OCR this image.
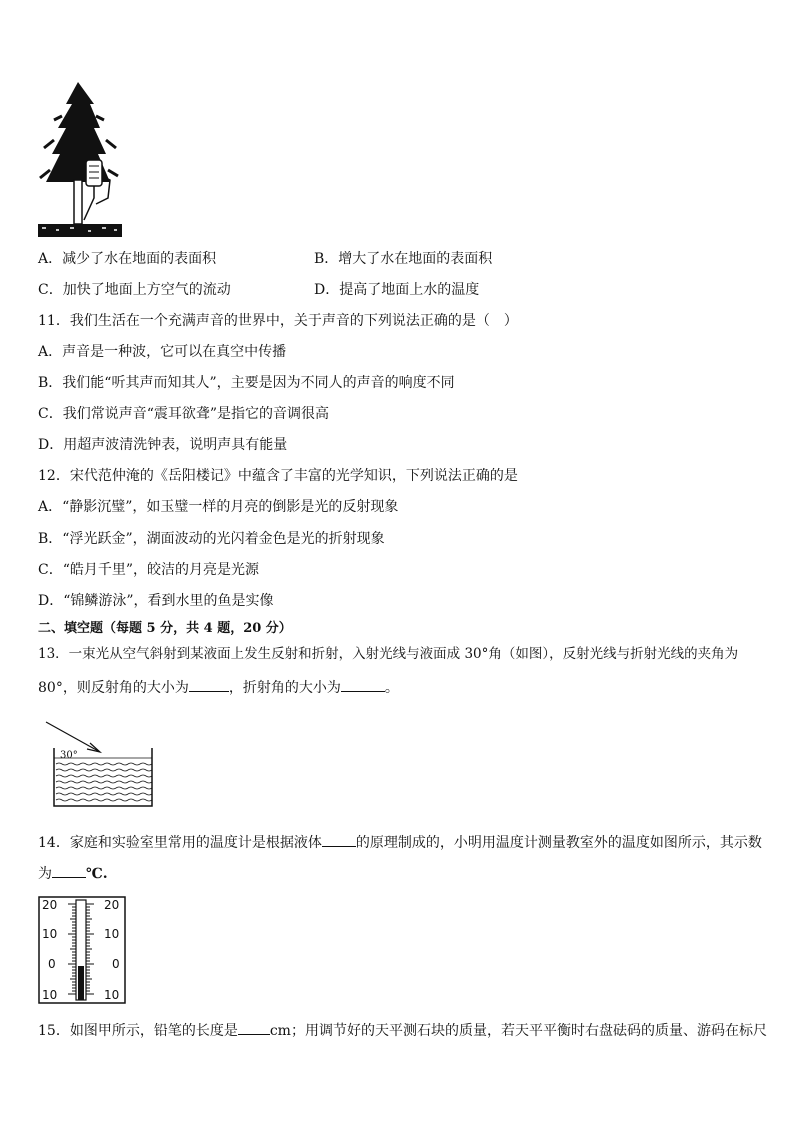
A．减少了水在地面的表面积	B．增大了水在地面的表面积
C．加快了地面上方空气的流动	D．提高了地面上水的温度
11．我们生活在一个充满声音的世界中，关于声音的下列说法正确的是（　）
A．声音是一种波，它可以在真空中传播
B．我们能“听其声而知其人”，主要是因为不同人的声音的响度不同
C．我们常说声音“震耳欲聋”是指它的音调很高
D．用超声波清洗钟表，说明声具有能量
12．宋代范仲淹的《岳阳楼记》中蕴含了丰富的光学知识，下列说法正确的是
A．“静影沉璧”，如玉璧一样的月亮的倒影是光的反射现象
B．“浮光跃金”，湖面波动的光闪着金色是光的折射现象
C．“皓月千里”，皎洁的月亮是光源
D．“锦鳞游泳”，看到水里的鱼是实像
二、填空题（每题 5 分，共 4 题，20 分）
13．一束光从空气斜射到某液面上发生反射和折射，入射光线与液面成 30°角（如图），反射光线与折射光线的夹角为
80°，则反射角的大小为	，折射角的大小为	。
30°
14．家庭和实验室里常用的温度计是根据液体 的原理制成的，小明用温度计测量教室外的温度如图所示，其示数
为 ℃.
20
10
0
10
20
10
0
10
15．如图甲所示，铅笔的长度是 cm；用调节好的天平测石块的质量，若天平平衡时右盘砝码的质量、游码在标尺
